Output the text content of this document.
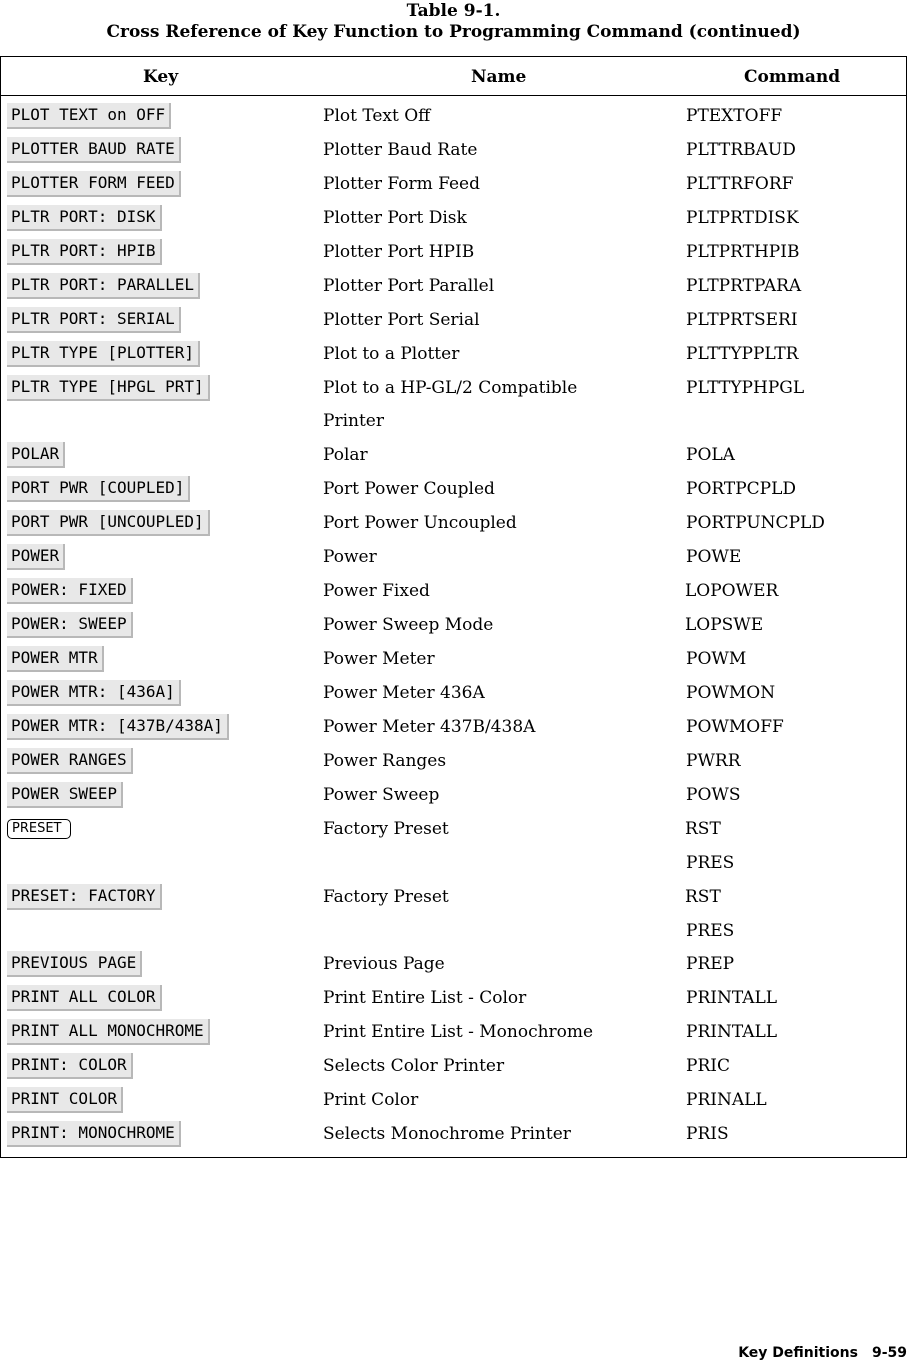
Table 9-1.
Cross Reference of Key Function to Programming Command (continued)
Key	Name	Command
PLOT TEXT on OFF	Plot Text Off	PTEXTOFF
PLOTTER BAUD RATE	Plotter Baud Rate	PLTTRBAUD
PLOTTER FORM FEED	Plotter Form Feed	PLTTRFORF
PLTR PORT: DISK	Plotter Port Disk	PLTPRTDISK
PLTR PORT: HPIB	Plotter Port HPIB	PLTPRTHPIB
PLTR PORT: PARALLEL	Plotter Port Parallel	PLTPRTPARA
PLTR PORT: SERIAL	Plotter Port Serial	PLTPRTSERI
PLTR TYPE [PLOTTER]	Plot to a Plotter	PLTTYPPLTR
PLTR TYPE [HPGL PRT]	Plot to a HP-GL/2 Compatible	PLTTYPHPGL
Printer
POLAR	Polar	POLA
PORT PWR [COUPLED]	Port Power Coupled	PORTPCPLD
PORT PWR [UNCOUPLED]	Port Power Uncoupled	PORTPUNCPLD
POWER	Power	POWE
POWER: FIXED	Power Fixed	LOPOWER
POWER: SWEEP	Power Sweep Mode	LOPSWE
POWER MTR	Power Meter	POWM
POWER MTR: [436A]	Power Meter 436A	POWMON
POWER MTR: [437B/438A]	Power Meter 437B/438A	POWMOFF
POWER RANGES	Power Ranges	PWRR
POWER SWEEP	Power Sweep	POWS
PRESET	Factory Preset	RST
PRES
PRESET: FACTORY	Factory Preset	RST
PRES
PREVIOUS PAGE	Previous Page	PREP
PRINT ALL COLOR	Print Entire List - Color	PRINTALL
PRINT ALL MONOCHROME	Print Entire List - Monochrome	PRINTALL
PRINT: COLOR	Selects Color Printer	PRIC
PRINT COLOR	Print Color	PRINALL
PRINT: MONOCHROME	Selects Monochrome Printer	PRIS
Key Definitions 9-59
